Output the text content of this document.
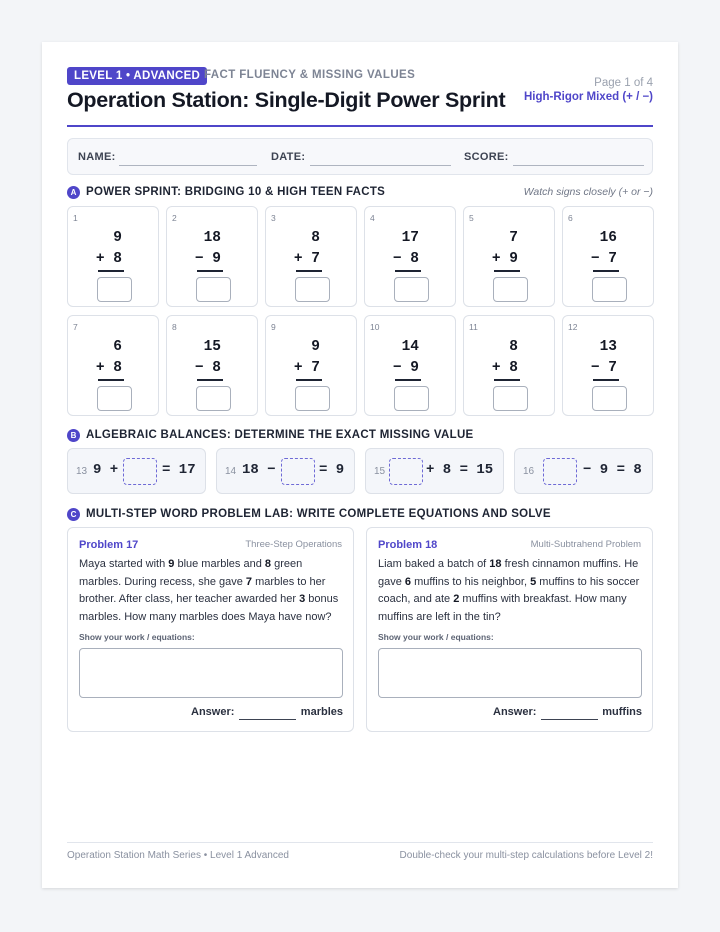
LEVEL 1 • ADVANCED FACT FLUENCY & MISSING VALUES
Operation Station: Single-Digit Power Sprint
Page 1 of 4
High-Rigor Mixed (+ / −)
NAME:	DATE:	SCORE:
A POWER SPRINT: BRIDGING 10 & HIGH TEEN FACTS	Watch signs closely (+ or −)
1
9
+ 8
2
18
− 9
3
8
+ 7
4
17
− 8
5
7
+ 9
6
16
− 7
7
6
+ 8
8
15
− 8
9
9
+ 7
10
14
− 9
11
8
+ 8
12
13
− 7
B ALGEBRAIC BALANCES: DETERMINE THE EXACT MISSING VALUE
13 9 +	= 17	14 18 −	= 9	15	+ 8 = 15	16	− 9 = 8
C MULTI-STEP WORD PROBLEM LAB: WRITE COMPLETE EQUATIONS AND SOLVE
Problem 17	Three-Step Operations
Maya started with 9 blue marbles and 8 green marbles. During recess, she gave 7 marbles to her brother. After class, her teacher awarded her 3 bonus marbles. How many marbles does Maya have now?
Show your work / equations:
Answer:	marbles
Problem 18	Multi-Subtrahend Problem
Liam baked a batch of 18 fresh cinnamon muffins. He gave 6 muffins to his neighbor, 5 muffins to his soccer coach, and ate 2 muffins with breakfast. How many muffins are left in the tin?
Show your work / equations:
Answer:	muffins
Operation Station Math Series • Level 1 Advanced	Double-check your multi-step calculations before Level 2!
